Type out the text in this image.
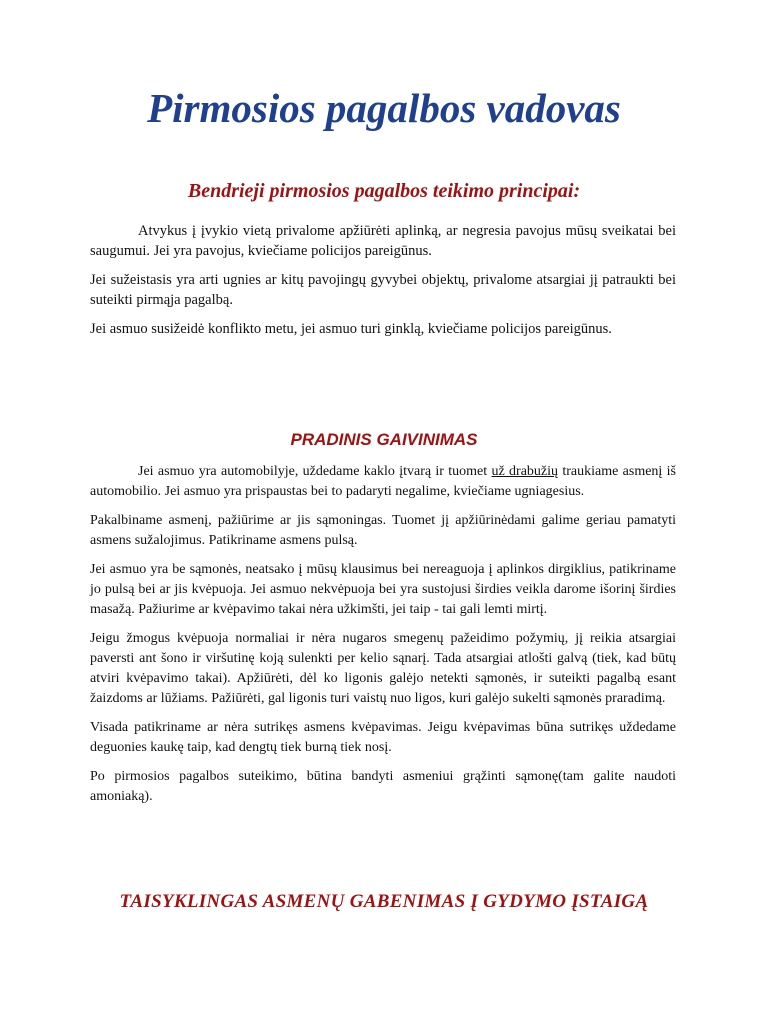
Pirmosios pagalbos vadovas
Bendrieji pirmosios pagalbos teikimo principai:

Atvykus į įvykio vietą privalome apžiūrėti aplinką, ar negresia pavojus mūsų sveikatai bei saugumui. Jei yra pavojus, kviečiame policijos pareigūnus.

Jei sužeistasis yra arti ugnies ar kitų pavojingų gyvybei objektų, privalome atsargiai jį patraukti bei suteikti pirmąja pagalbą.

Jei asmuo susižeidė konflikto metu, jei asmuo turi ginklą, kviečiame policijos pareigūnus.

PRADINIS GAIVINIMAS

Jei asmuo yra automobilyje, uždedame kaklo įtvarą ir tuomet už drabužių traukiame asmenį iš automobilio. Jei asmuo yra prispaustas bei to padaryti negalime, kviečiame ugniagesius.

Pakalbiname asmenį, pažiūrime ar jis sąmoningas. Tuomet jį apžiūrinėdami galime geriau pamatyti asmens sužalojimus. Patikriname asmens pulsą.

Jei asmuo yra be sąmonės, neatsako į mūsų klausimus bei nereaguoja į aplinkos dirgiklius, patikriname jo pulsą bei ar jis kvėpuoja. Jei asmuo nekvėpuoja bei yra sustojusi širdies veikla darome išorinį širdies masažą. Pažiurime ar kvėpavimo takai nėra užkimšti, jei taip - tai gali lemti mirtį.

Jeigu žmogus kvėpuoja normaliai ir nėra nugaros smegenų pažeidimo požymių, jį reikia atsargiai paversti ant šono ir viršutinę koją sulenkti per kelio sąnarį. Tada atsargiai atlošti galvą (tiek, kad būtų atviri kvėpavimo takai). Apžiūrėti, dėl ko ligonis galėjo netekti sąmonės, ir suteikti pagalbą esant žaizdoms ar lūžiams. Pažiūrėti, gal ligonis turi vaistų nuo ligos, kuri galėjo sukelti sąmonės praradimą.

Visada patikriname ar nėra sutrikęs asmens kvėpavimas. Jeigu kvėpavimas būna sutrikęs uždedame deguonies kaukę taip, kad dengtų tiek burną tiek nosį.

Po pirmosios pagalbos suteikimo, būtina bandyti asmeniui grąžinti sąmonę(tam galite naudoti amoniaką).

TAISYKLINGAS ASMENŲ GABENIMAS Į GYDYMO ĮSTAIGĄ
